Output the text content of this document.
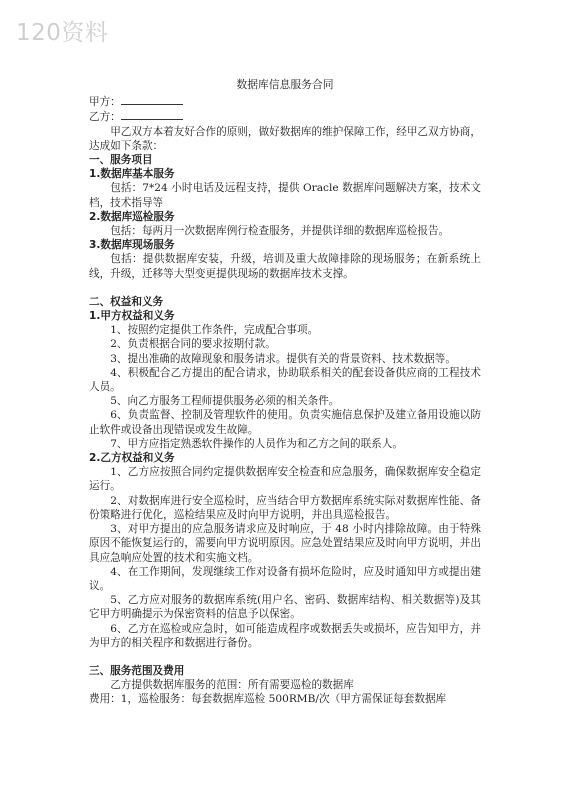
120资料
数据库信息服务合同
甲方：
乙方：

甲乙双方本着友好合作的原则，做好数据库的维护保障工作，经甲乙双方协商，达成如下条款：

一、服务项目
1.数据库基本服务

包括：7*24 小时电话及远程支持，提供 Oracle 数据库问题解决方案，技术文档，技术指导等

2.数据库巡检服务

包括：每两月一次数据库例行检查服务，并提供详细的数据库巡检报告。

3.数据库现场服务

包括：提供数据库安装，升级，培训及重大故障排除的现场服务；在新系统上线，升级，迁移等大型变更提供现场的数据库技术支撑。

二、权益和义务
1.甲方权益和义务

1、按照约定提供工作条件，完成配合事项。

2、负责根据合同的要求按期付款。

3、提出准确的故障现象和服务请求。提供有关的背景资料、技术数据等。

4、积极配合乙方提出的配合请求，协助联系相关的配套设备供应商的工程技术人员。

5、向乙方服务工程师提供服务必须的相关条件。

6、负责监督、控制及管理软件的使用。负责实施信息保护及建立备用设施以防止软件或设备出现错误或发生故障。

7、甲方应指定熟悉软件操作的人员作为和乙方之间的联系人。

2.乙方权益和义务

1、乙方应按照合同约定提供数据库安全检查和应急服务，确保数据库安全稳定运行。

2、对数据库进行安全巡检时，应当结合甲方数据库系统实际对数据库性能、备份策略进行优化，巡检结果应及时向甲方说明，并出具巡检报告。

3、对甲方提出的应急服务请求应及时响应，于 48 小时内排除故障。由于特殊原因不能恢复运行的，需要向甲方说明原因。应急处置结果应及时向甲方说明，并出具应急响应处置的技术和实施文档。

4、在工作期间，发现继续工作对设备有损坏危险时，应及时通知甲方或提出建议。

5、乙方应对服务的数据库系统(用户名、密码、数据库结构、相关数据等)及其它甲方明确提示为保密资料的信息予以保密。

6、乙方在巡检或应急时，如可能造成程序或数据丢失或损坏，应告知甲方，并为甲方的相关程序和数据进行备份。

三、服务范围及费用

乙方提供数据库服务的范围：所有需要巡检的数据库

费用：1，巡检服务：每套数据库巡检 500RMB/次（甲方需保证每套数据库
